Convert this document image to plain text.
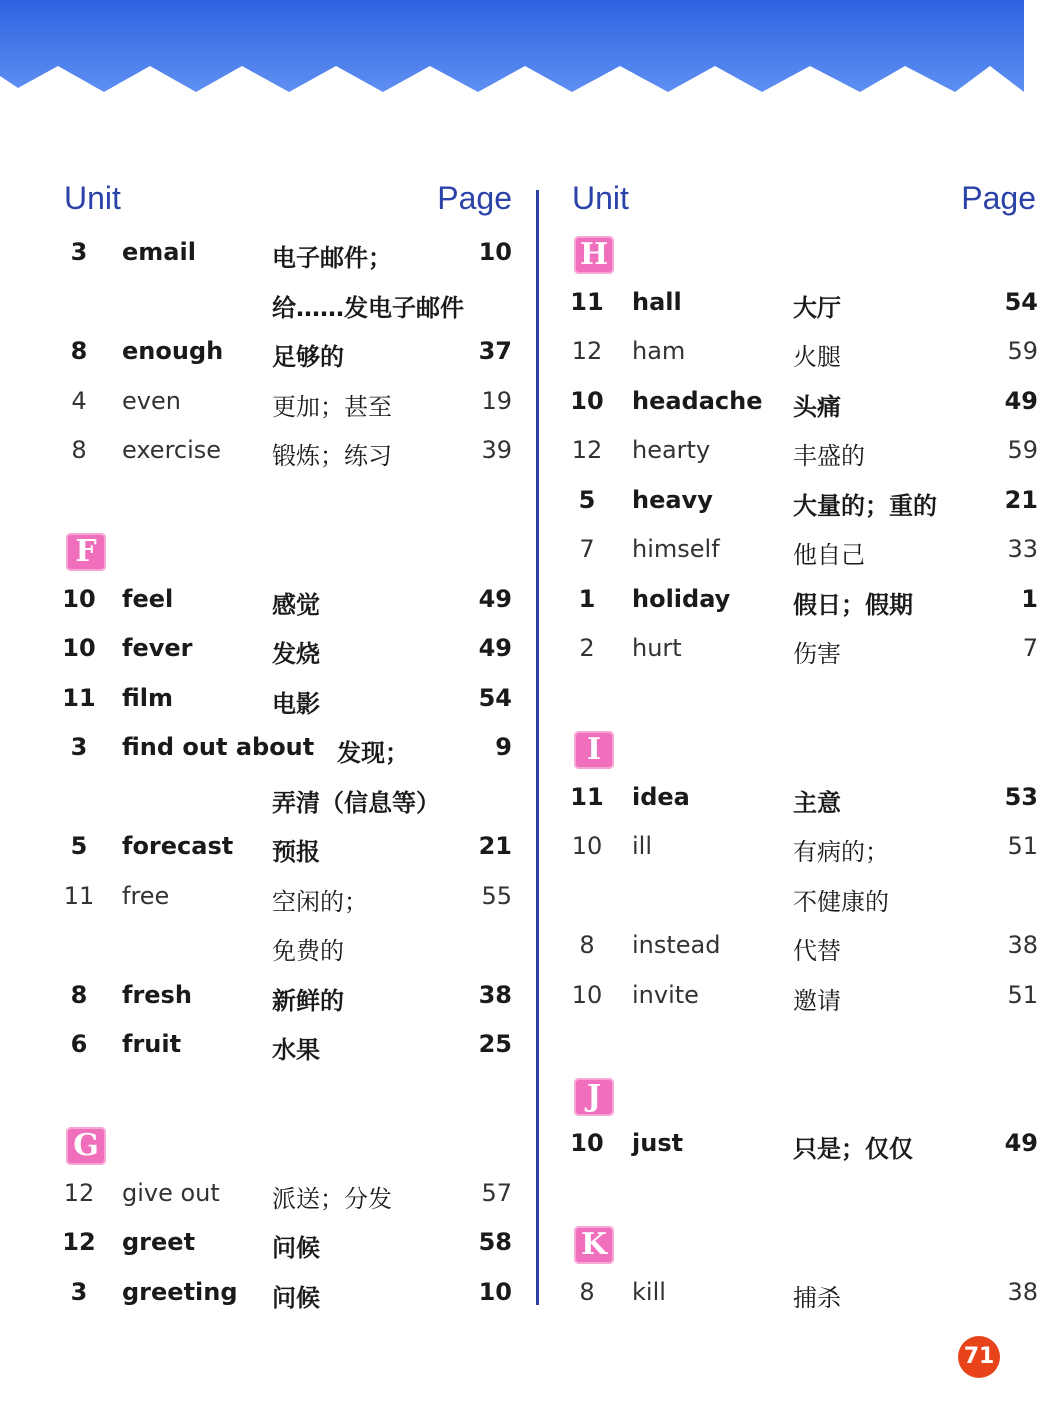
Unit	Page
3	email	电子邮件；	10
给……发电子邮件
8	enough 足够的	37
4	even	更加；甚至	19
8	exercise 锻炼；练习	39
F
10 feel	感觉	49
10 fever	发烧	49
11 film	电影	54
3	find out about 发现；	9
弄清（信息等）
5	forecast 预报	21
11 free	空闲的；	55
免费的
8	fresh	新鲜的	38
6	fruit	水果	25
G
12 give out 派送；分发	57
12 greet	问候	58
3	greeting 问候	10
Unit	Page
H
11 hall	大厅	54
12 ham	火腿	59
10 headache 头痛	49
12 hearty	丰盛的	59
5	heavy	大量的；重的	21
7	himself	他自己	33
1	holiday	假日；假期	1
2	hurt	伤害	7
I
11 idea	主意	53
10 ill	有病的；	51
不健康的
8	instead	代替	38
10 invite	邀请	51
J
10 just	只是；仅仅	49
K
8	kill	捕杀	38
71
